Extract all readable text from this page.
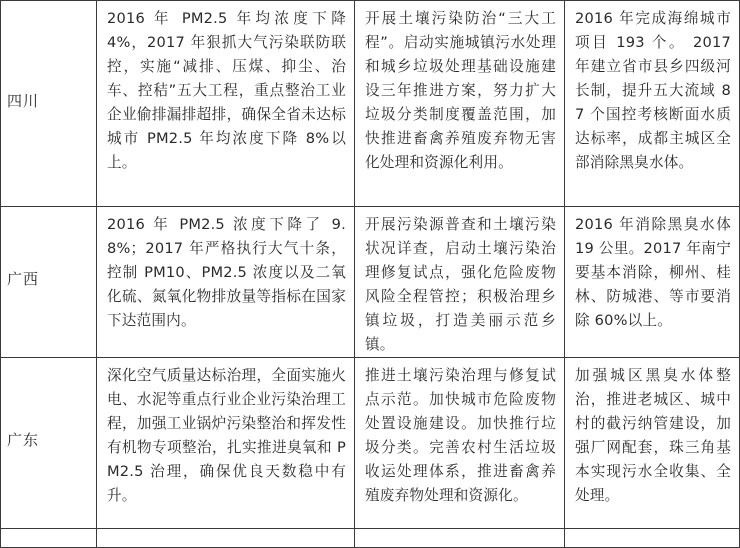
四川	2016 年 PM2.5 年均浓度下降 4%，2017 年狠抓大气污染联防联控，实施“减排、压煤、抑尘、治车、控秸”五大工程，重点整治工业企业偷排漏排超排，确保全省未达标城市 PM2.5 年均浓度下降 8%以上。	开展土壤污染防治“三大工程”。启动实施城镇污水处理和城乡垃圾处理基础设施建设三年推进方案，努力扩大垃圾分类制度覆盖范围，加快推进畜禽养殖废弃物无害化处理和资源化利用。	2016 年完成海绵城市项目 193 个。 2017 年建立省市县乡四级河长制，提升五大流域 87 个国控考核断面水质达标率，成都主城区全部消除黑臭水体。

广西	2016 年 PM2.5 浓度下降了 9.8%；2017 年严格执行大气十条，控制 PM10、PM2.5 浓度以及二氧化硫、氮氧化物排放量等指标在国家下达范围内。	开展污染源普查和土壤污染状况详查，启动土壤污染治理修复试点，强化危险废物风险全程管控；积极治理乡镇垃圾，打造美丽示范乡镇。	2016 年消除黑臭水体 19 公里。2017 年南宁要基本消除，柳州、桂林、防城港、等市要消除 60%以上。

广东	深化空气质量达标治理，全面实施火电、水泥等重点行业企业污染治理工程，加强工业锅炉污染整治和挥发性有机物专项整治，扎实推进臭氧和 PM2.5 治理，确保优良天数稳中有升。	推进土壤污染治理与修复试点示范。加快城市危险废物处置设施建设。加快推行垃圾分类。完善农村生活垃圾收运处理体系，推进畜禽养殖废弃物处理和资源化。	加强城区黑臭水体整治，推进老城区、城中村的截污纳管建设，加强厂网配套，珠三角基本实现污水全收集、全处理。
